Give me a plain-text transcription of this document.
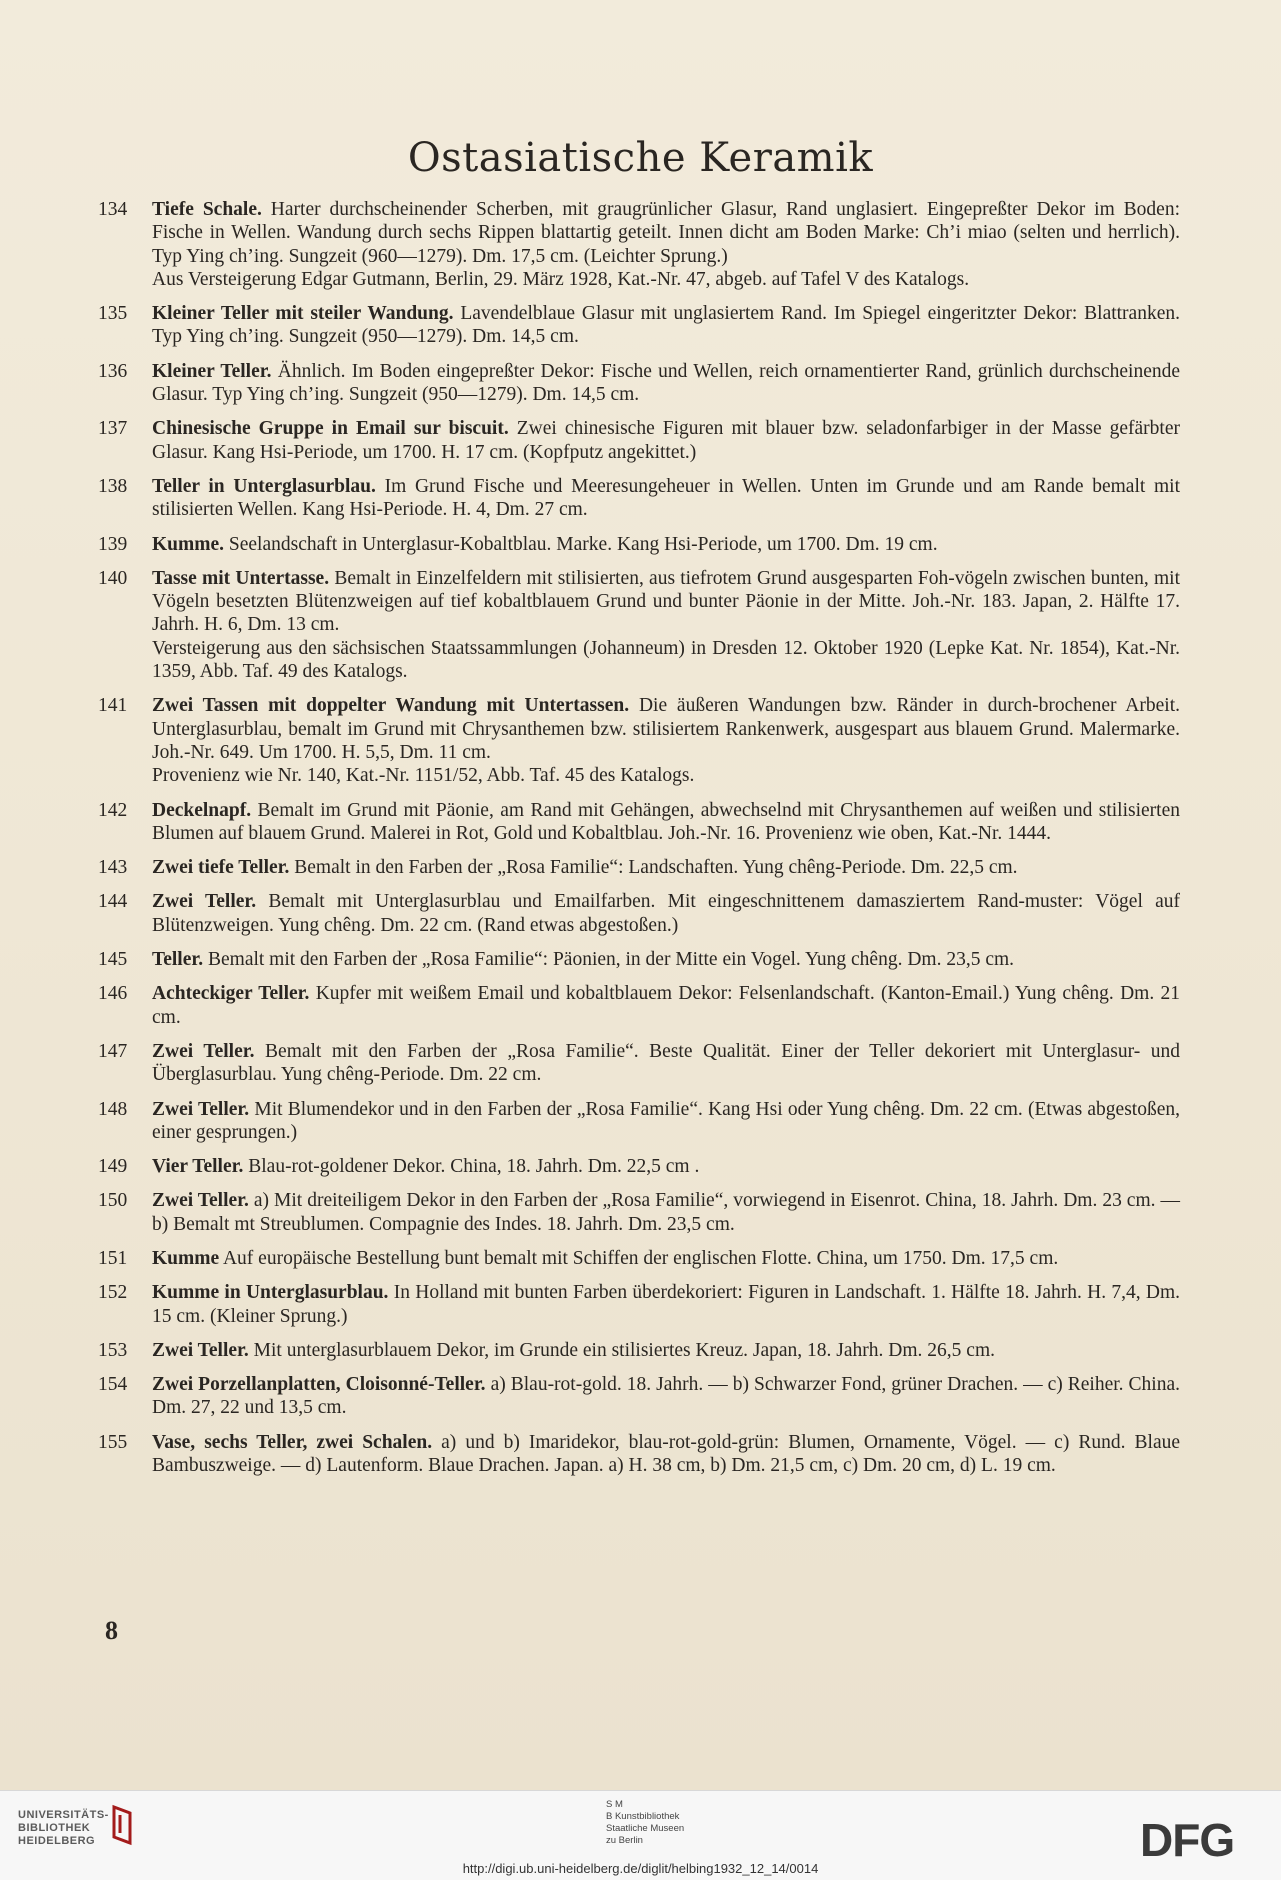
Ostasiatische Keramik
134	Tiefe Schale. Harter durchscheinender Scherben, mit graugrünlicher Glasur, Rand unglasiert. Eingepreßter Dekor im Boden: Fische in Wellen. Wandung durch sechs Rippen blattartig geteilt. Innen dicht am Boden Marke: Ch’i miao (selten und herrlich). Typ Ying ch’ing. Sungzeit (960—1279). Dm. 17,5 cm. (Leichter Sprung.)
Aus Versteigerung Edgar Gutmann, Berlin, 29. März 1928, Kat.-Nr. 47, abgeb. auf Tafel V des Katalogs.
135	Kleiner Teller mit steiler Wandung. Lavendelblaue Glasur mit unglasiertem Rand. Im Spiegel eingeritzter Dekor: Blattranken. Typ Ying ch’ing. Sungzeit (950—1279). Dm. 14,5 cm.
136	Kleiner Teller. Ähnlich. Im Boden eingepreßter Dekor: Fische und Wellen, reich ornamentierter Rand, grünlich durchscheinende Glasur. Typ Ying ch’ing. Sungzeit (950—1279). Dm. 14,5 cm.
137	Chinesische Gruppe in Email sur biscuit. Zwei chinesische Figuren mit blauer bzw. seladonfarbiger in der Masse gefärbter Glasur. Kang Hsi-Periode, um 1700. H. 17 cm. (Kopfputz angekittet.)
138	Teller in Unterglasurblau. Im Grund Fische und Meeresungeheuer in Wellen. Unten im Grunde und am Rande bemalt mit stilisierten Wellen. Kang Hsi-Periode. H. 4, Dm. 27 cm.
139	Kumme. Seelandschaft in Unterglasur-Kobaltblau. Marke. Kang Hsi-Periode, um 1700. Dm. 19 cm.
140	Tasse mit Untertasse. Bemalt in Einzelfeldern mit stilisierten, aus tiefrotem Grund ausgesparten Foh-vögeln zwischen bunten, mit Vögeln besetzten Blütenzweigen auf tief kobaltblauem Grund und bunter Päonie in der Mitte. Joh.-Nr. 183. Japan, 2. Hälfte 17. Jahrh. H. 6, Dm. 13 cm.
Versteigerung aus den sächsischen Staatssammlungen (Johanneum) in Dresden 12. Oktober 1920 (Lepke Kat. Nr. 1854), Kat.-Nr. 1359, Abb. Taf. 49 des Katalogs.
141	Zwei Tassen mit doppelter Wandung mit Untertassen. Die äußeren Wandungen bzw. Ränder in durch-brochener Arbeit. Unterglasurblau, bemalt im Grund mit Chrysanthemen bzw. stilisiertem Rankenwerk, ausgespart aus blauem Grund. Malermarke. Joh.-Nr. 649. Um 1700. H. 5,5, Dm. 11 cm.
Provenienz wie Nr. 140, Kat.-Nr. 1151/52, Abb. Taf. 45 des Katalogs.
142	Deckelnapf. Bemalt im Grund mit Päonie, am Rand mit Gehängen, abwechselnd mit Chrysanthemen auf weißen und stilisierten Blumen auf blauem Grund. Malerei in Rot, Gold und Kobaltblau. Joh.-Nr. 16. Provenienz wie oben, Kat.-Nr. 1444.
143	Zwei tiefe Teller. Bemalt in den Farben der „Rosa Familie“: Landschaften. Yung chêng-Periode. Dm. 22,5 cm.
144	Zwei Teller. Bemalt mit Unterglasurblau und Emailfarben. Mit eingeschnittenem damasziertem Rand-muster: Vögel auf Blütenzweigen. Yung chêng. Dm. 22 cm. (Rand etwas abgestoßen.)
145	Teller. Bemalt mit den Farben der „Rosa Familie“: Päonien, in der Mitte ein Vogel. Yung chêng. Dm. 23,5 cm.
146	Achteckiger Teller. Kupfer mit weißem Email und kobaltblauem Dekor: Felsenlandschaft. (Kanton-Email.) Yung chêng. Dm. 21 cm.
147	Zwei Teller. Bemalt mit den Farben der „Rosa Familie“. Beste Qualität. Einer der Teller dekoriert mit Unterglasur- und Überglasurblau. Yung chêng-Periode. Dm. 22 cm.
148	Zwei Teller. Mit Blumendekor und in den Farben der „Rosa Familie“. Kang Hsi oder Yung chêng. Dm. 22 cm. (Etwas abgestoßen, einer gesprungen.)
149	Vier Teller. Blau-rot-goldener Dekor. China, 18. Jahrh. Dm. 22,5 cm .
150	Zwei Teller. a) Mit dreiteiligem Dekor in den Farben der „Rosa Familie“, vorwiegend in Eisenrot. China, 18. Jahrh. Dm. 23 cm. — b) Bemalt mt Streublumen. Compagnie des Indes. 18. Jahrh. Dm. 23,5 cm.
151	Kumme Auf europäische Bestellung bunt bemalt mit Schiffen der englischen Flotte. China, um 1750. Dm. 17,5 cm.
152	Kumme in Unterglasurblau. In Holland mit bunten Farben überdekoriert: Figuren in Landschaft. 1. Hälfte 18. Jahrh. H. 7,4, Dm. 15 cm. (Kleiner Sprung.)
153	Zwei Teller. Mit unterglasurblauem Dekor, im Grunde ein stilisiertes Kreuz. Japan, 18. Jahrh. Dm. 26,5 cm.
154	Zwei Porzellanplatten, Cloisonné-Teller. a) Blau-rot-gold. 18. Jahrh. — b) Schwarzer Fond, grüner Drachen. — c) Reiher. China. Dm. 27, 22 und 13,5 cm.
155	Vase, sechs Teller, zwei Schalen. a) und b) Imaridekor, blau-rot-gold-grün: Blumen, Ornamente, Vögel. — c) Rund. Blaue Bambuszweige. — d) Lautenform. Blaue Drachen. Japan. a) H. 38 cm, b) Dm. 21,5 cm, c) Dm. 20 cm, d) L. 19 cm.
8
UNIVERSITÄTS-
BIBLIOTHEK
HEIDELBERG
S M
B Kunstbibliothek
Staatliche Museen
zu Berlin	DFG
http://digi.ub.uni-heidelberg.de/diglit/helbing1932_12_14/0014
